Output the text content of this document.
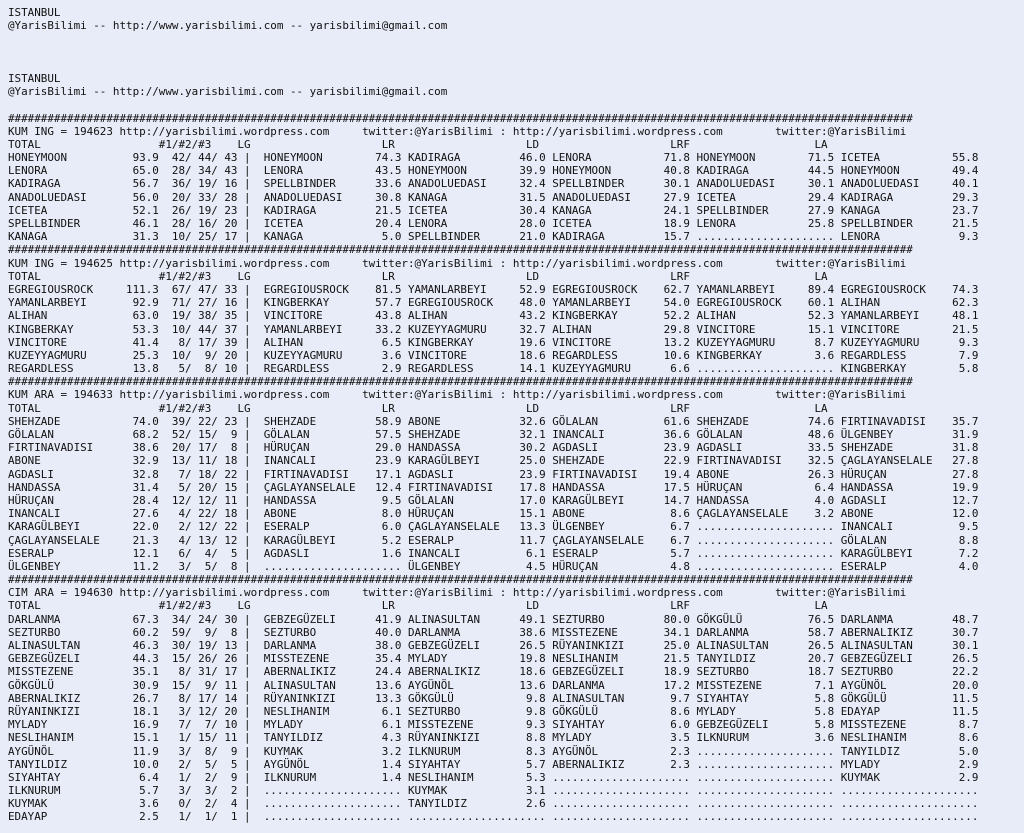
ISTANBUL
@YarisBilimi -- http://www.yarisbilimi.com -- yarisbilimi@gmail.com
ISTANBUL
@YarisBilimi -- http://www.yarisbilimi.com -- yarisbilimi@gmail.com
##########################################################################################################################################
KUM ING = 194623 http://yarisbilimi.wordpress.com     twitter:@YarisBilimi : http://yarisbilimi.wordpress.com        twitter:@YarisBilimi
TOTAL                  #1/#2/#3    LG                    LR                    LD                    LRF                   LA
HONEYMOON          93.9  42/ 44/ 43 |  HONEYMOON        74.3 KADIRAGA         46.0 LENORA           71.8 HONEYMOON        71.5 ICETEA           55.8
LENORA             65.0  28/ 34/ 43 |  LENORA           43.5 HONEYMOON        39.9 HONEYMOON        40.8 KADIRAGA         44.5 HONEYMOON        49.4
KADIRAGA           56.7  36/ 19/ 16 |  SPELLBINDER      33.6 ANADOLUEDASI     32.4 SPELLBINDER      30.1 ANADOLUEDASI     30.1 ANADOLUEDASI     40.1
ANADOLUEDASI       56.0  20/ 33/ 28 |  ANADOLUEDASI     30.8 KANAGA           31.5 ANADOLUEDASI     27.9 ICETEA           29.4 KADIRAGA         29.3
ICETEA             52.1  26/ 19/ 23 |  KADIRAGA         21.5 ICETEA           30.4 KANAGA           24.1 SPELLBINDER      27.9 KANAGA           23.7
SPELLBINDER        46.1  28/ 16/ 20 |  ICETEA           20.4 LENORA           28.0 ICETEA           18.9 LENORA           25.8 SPELLBINDER      21.5
KANAGA             31.3  10/ 25/ 17 |  KANAGA            5.0 SPELLBINDER      21.0 KADIRAGA         15.7 ..................... LENORA            9.3
##########################################################################################################################################
KUM ING = 194625 http://yarisbilimi.wordpress.com     twitter:@YarisBilimi : http://yarisbilimi.wordpress.com        twitter:@YarisBilimi
TOTAL                  #1/#2/#3    LG                    LR                    LD                    LRF                   LA
EGREGIOUSROCK     111.3  67/ 47/ 33 |  EGREGIOUSROCK    81.5 YAMANLARBEYI     52.9 EGREGIOUSROCK    62.7 YAMANLARBEYI     89.4 EGREGIOUSROCK    74.3
YAMANLARBEYI       92.9  71/ 27/ 16 |  KINGBERKAY       57.7 EGREGIOUSROCK    48.0 YAMANLARBEYI     54.0 EGREGIOUSROCK    60.1 ALIHAN           62.3
ALIHAN             63.0  19/ 38/ 35 |  VINCITORE        43.8 ALIHAN           43.2 KINGBERKAY       52.2 ALIHAN           52.3 YAMANLARBEYI     48.1
KINGBERKAY         53.3  10/ 44/ 37 |  YAMANLARBEYI     33.2 KUZEYYAGMURU     32.7 ALIHAN           29.8 VINCITORE        15.1 VINCITORE        21.5
VINCITORE          41.4   8/ 17/ 39 |  ALIHAN            6.5 KINGBERKAY       19.6 VINCITORE        13.2 KUZEYYAGMURU      8.7 KUZEYYAGMURU      9.3
KUZEYYAGMURU       25.3  10/  9/ 20 |  KUZEYYAGMURU      3.6 VINCITORE        18.6 REGARDLESS       10.6 KINGBERKAY        3.6 REGARDLESS        7.9
REGARDLESS         13.8   5/  8/ 10 |  REGARDLESS        2.9 REGARDLESS       14.1 KUZEYYAGMURU      6.6 ..................... KINGBERKAY        5.8
##########################################################################################################################################
KUM ARA = 194633 http://yarisbilimi.wordpress.com     twitter:@YarisBilimi : http://yarisbilimi.wordpress.com        twitter:@YarisBilimi
TOTAL                  #1/#2/#3    LG                    LR                    LD                    LRF                   LA
SHEHZADE           74.0  39/ 22/ 23 |  SHEHZADE         58.9 ABONE            32.6 GÖLALAN          61.6 SHEHZADE         74.6 FIRTINAVADISI    35.7
GÖLALAN            68.2  52/ 15/  9 |  GÖLALAN          57.5 SHEHZADE         32.1 INANCALI         36.6 GÖLALAN          48.6 ÜLGENBEY         31.9
FIRTINAVADISI      38.6  20/ 17/  8 |  HÜRUÇAN          29.0 HANDASSA         30.2 AGDASLI          23.9 AGDASLI          33.5 SHEHZADE         31.8
ABONE              32.9  13/ 11/ 18 |  INANCALI         23.9 KARAGÜLBEYI      25.0 SHEHZADE         22.9 FIRTINAVADISI    32.5 ÇAGLAYANSELALE   27.8
AGDASLI            32.8   7/ 18/ 22 |  FIRTINAVADISI    17.1 AGDASLI          23.9 FIRTINAVADISI    19.4 ABONE            26.3 HÜRUÇAN          27.8
HANDASSA           31.4   5/ 20/ 15 |  ÇAGLAYANSELALE   12.4 FIRTINAVADISI    17.8 HANDASSA         17.5 HÜRUÇAN           6.4 HANDASSA         19.9
HÜRUÇAN            28.4  12/ 12/ 11 |  HANDASSA          9.5 GÖLALAN          17.0 KARAGÜLBEYI      14.7 HANDASSA          4.0 AGDASLI          12.7
INANCALI           27.6   4/ 22/ 18 |  ABONE             8.0 HÜRUÇAN          15.1 ABONE             8.6 ÇAGLAYANSELALE    3.2 ABONE            12.0
KARAGÜLBEYI        22.0   2/ 12/ 22 |  ESERALP           6.0 ÇAGLAYANSELALE   13.3 ÜLGENBEY          6.7 ..................... INANCALI          9.5
ÇAGLAYANSELALE     21.3   4/ 13/ 12 |  KARAGÜLBEYI       5.2 ESERALP          11.7 ÇAGLAYANSELALE    6.7 ..................... GÖLALAN           8.8
ESERALP            12.1   6/  4/  5 |  AGDASLI           1.6 INANCALI          6.1 ESERALP           5.7 ..................... KARAGÜLBEYI       7.2
ÜLGENBEY           11.2   3/  5/  8 |  ..................... ÜLGENBEY          4.5 HÜRUÇAN           4.8 ..................... ESERALP           4.0
##########################################################################################################################################
CIM ARA = 194630 http://yarisbilimi.wordpress.com     twitter:@YarisBilimi : http://yarisbilimi.wordpress.com        twitter:@YarisBilimi
TOTAL                  #1/#2/#3    LG                    LR                    LD                    LRF                   LA
DARLANMA           67.3  34/ 24/ 30 |  GEBZEGÜZELI      41.9 ALINASULTAN      49.1 SEZTURBO         80.0 GÖKGÜLÜ          76.5 DARLANMA         48.7
SEZTURBO           60.2  59/  9/  8 |  SEZTURBO         40.0 DARLANMA         38.6 MISSTEZENE       34.1 DARLANMA         58.7 ABERNALIKIZ      30.7
ALINASULTAN        46.3  30/ 19/ 13 |  DARLANMA         38.0 GEBZEGÜZELI      26.5 RÜYANINKIZI      25.0 ALINASULTAN      26.5 ALINASULTAN      30.1
GEBZEGÜZELI        44.3  15/ 26/ 26 |  MISSTEZENE       35.4 MYLADY           19.8 NESLIHANIM       21.5 TANYILDIZ        20.7 GEBZEGÜZELI      26.5
MISSTEZENE         35.1   8/ 31/ 17 |  ABERNALIKIZ      24.4 ABERNALIKIZ      18.6 GEBZEGÜZELI      18.9 SEZTURBO         18.7 SEZTURBO         22.2
GÖKGÜLÜ            30.9  15/  9/ 11 |  ALINASULTAN      13.6 AYGÜNÖL          13.6 DARLANMA         17.2 MISSTEZENE        7.1 AYGÜNÖL          20.0
ABERNALIKIZ        26.7   8/ 17/ 14 |  RÜYANINKIZI      13.3 GÖKGÜLÜ           9.8 ALINASULTAN       9.7 SIYAHTAY          5.8 GÖKGÜLÜ          11.5
RÜYANINKIZI        18.1   3/ 12/ 20 |  NESLIHANIM        6.1 SEZTURBO          9.8 GÖKGÜLÜ           8.6 MYLADY            5.8 EDAYAP           11.5
MYLADY             16.9   7/  7/ 10 |  MYLADY            6.1 MISSTEZENE        9.3 SIYAHTAY          6.0 GEBZEGÜZELI       5.8 MISSTEZENE        8.7
NESLIHANIM         15.1   1/ 15/ 11 |  TANYILDIZ         4.3 RÜYANINKIZI       8.8 MYLADY            3.5 ILKNURUM          3.6 NESLIHANIM        8.6
AYGÜNÖL            11.9   3/  8/  9 |  KUYMAK            3.2 ILKNURUM          8.3 AYGÜNÖL           2.3 ..................... TANYILDIZ         5.0
TANYILDIZ          10.0   2/  5/  5 |  AYGÜNÖL           1.4 SIYAHTAY          5.7 ABERNALIKIZ       2.3 ..................... MYLADY            2.9
SIYAHTAY            6.4   1/  2/  9 |  ILKNURUM          1.4 NESLIHANIM        5.3 ..................... ..................... KUYMAK            2.9
ILKNURUM            5.7   3/  3/  2 |  ..................... KUYMAK            3.1 ..................... ..................... .....................
KUYMAK              3.6   0/  2/  4 |  ..................... TANYILDIZ         2.6 ..................... ..................... .....................
EDAYAP              2.5   1/  1/  1 |  ..................... ..................... ..................... ..................... .....................
